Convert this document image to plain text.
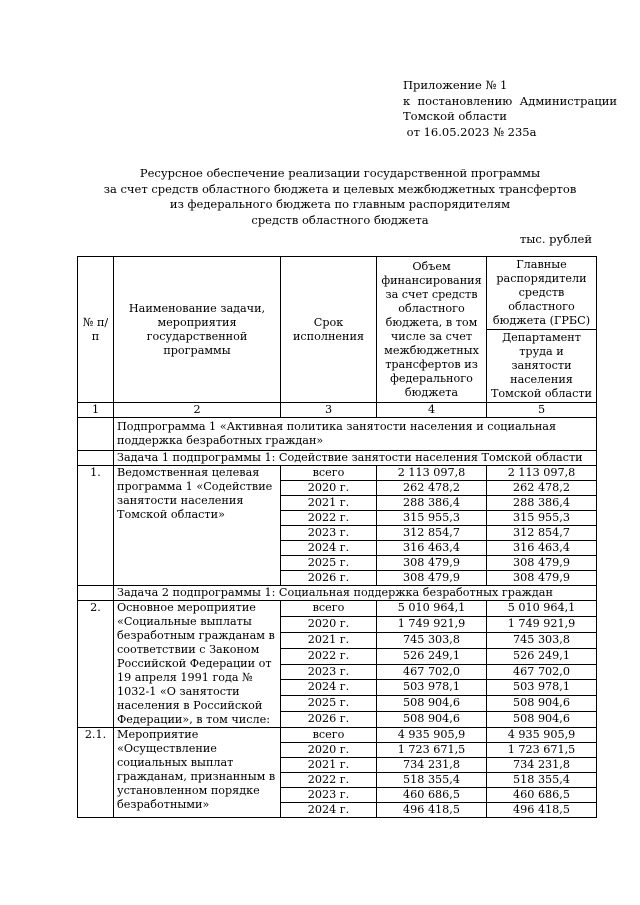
Приложение № 1
к  постановлению  Администрации
Томской области
от 16.05.2023 № 235а
Ресурсное обеспечение реализации государственной программы
за счет средств областного бюджета и целевых межбюджетных трансфертов
из федерального бюджета по главным распорядителям
средств областного бюджета
тыс. рублей
№ п/п	Наименование задачи, мероприятия государственной программы	Срок исполнения	Объем финансирования за счет средств областного бюджета, в том числе за счет межбюджетных трансфертов из федерального бюджета	Главные распорядители средств областного бюджета (ГРБС)
				Департамент труда и занятости населения Томской области
1	2	3	4	5
	Подпрограмма 1 «Активная политика занятости населения и социальная поддержка безработных граждан»			
	Задача 1 подпрограммы 1: Содействие занятости населения Томской области			
1.	Ведомственная целевая программа 1 «Содействие занятости населения Томской области»	всего	2 113 097,8	2 113 097,8
		2020 г.	262 478,2	262 478,2
		2021 г.	288 386,4	288 386,4
		2022 г.	315 955,3	315 955,3
		2023 г.	312 854,7	312 854,7
		2024 г.	316 463,4	316 463,4
		2025 г.	308 479,9	308 479,9
		2026 г.	308 479,9	308 479,9
	Задача 2 подпрограммы 1: Социальная поддержка безработных граждан			
2.	Основное мероприятие «Социальные выплаты безработным гражданам в соответствии с Законом Российской Федерации от 19 апреля 1991 года № 1032-1 «О занятости населения в Российской Федерации», в том числе:	всего	5 010 964,1	5 010 964,1
		2020 г.	1 749 921,9	1 749 921,9
		2021 г.	745 303,8	745 303,8
		2022 г.	526 249,1	526 249,1
		2023 г.	467 702,0	467 702,0
		2024 г.	503 978,1	503 978,1
		2025 г.	508 904,6	508 904,6
		2026 г.	508 904,6	508 904,6
2.1.	Мероприятие «Осуществление социальных выплат гражданам, признанным в установленном порядке безработными»	всего	4 935 905,9	4 935 905,9
		2020 г.	1 723 671,5	1 723 671,5
		2021 г.	734 231,8	734 231,8
		2022 г.	518 355,4	518 355,4
		2023 г.	460 686,5	460 686,5
		2024 г.	496 418,5	496 418,5
